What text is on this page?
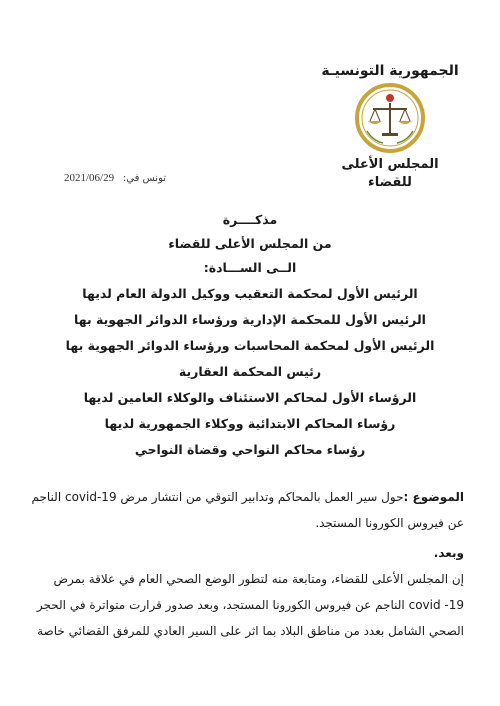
الجمهورية التونسيـة

المجلس الأعلى للقضاء

تونس في: 2021/06/29

مذكــــرة

من المجلس الأعلى للقضاء

الــى الســـادة:

الرئيس الأول لمحكمة التعقيب ووكيل الدولة العام لديها

الرئيس الأول للمحكمة الإدارية ورؤساء الدوائر الجهوية بها

الرئيس الأول لمحكمة المحاسبات ورؤساء الدوائر الجهوية بها

رئيس المحكمة العقارية

الرؤساء الأول لمحاكم الاستئناف والوكلاء العامين لديها

رؤساء المحاكم الابتدائية ووكلاء الجمهورية لديها

رؤساء محاكم النواحي وقضاة النواحي

الموضوع :حول سير العمل بالمحاكم وتدابير التوقي من انتشار مرض covid-19 الناجم

عن فيروس الكورونا المستجد.

وبعد.

إن المجلس الأعلى للقضاء، ومتابعة منه لتطور الوضع الصحي العام في علاقة بمرض

covid -19 الناجم عن فيروس الكورونا المستجد، وبعد صدور قرارت متواترة في الحجر

الصحي الشامل بعدد من مناطق البلاد بما اثر على السير العادي للمرفق القضائي خاصة
